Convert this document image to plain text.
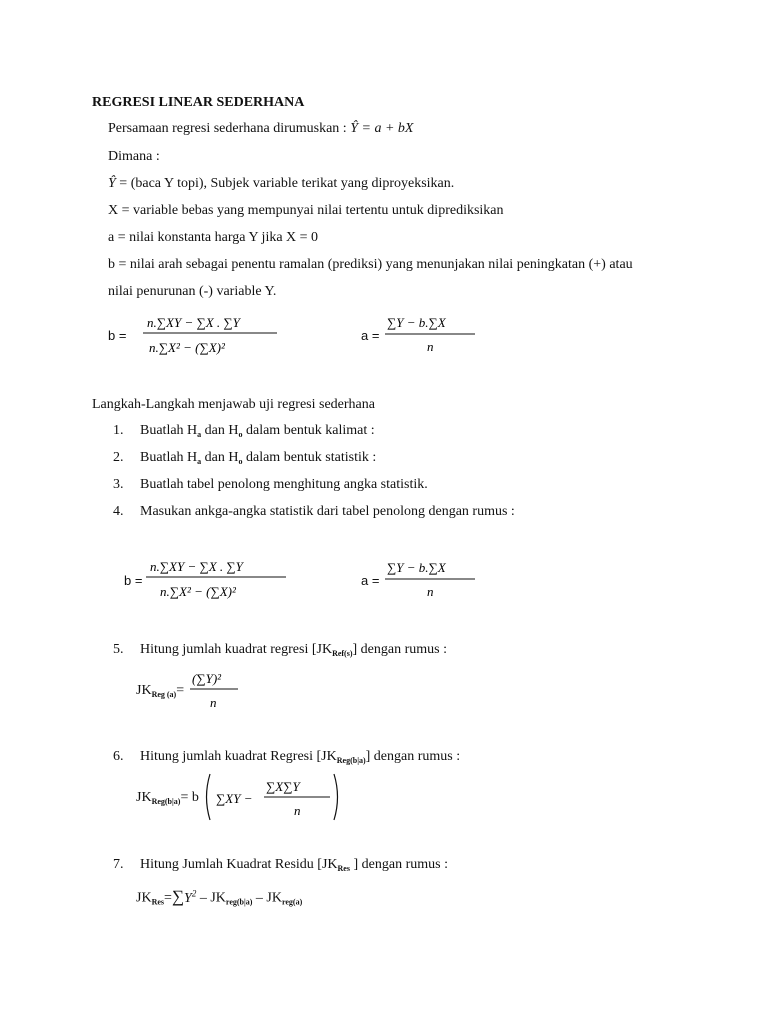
REGRESI LINEAR SEDERHANA
Persamaan regresi sederhana dirumuskan : Ŷ = a + bX
Dimana :
Ŷ = (baca Y topi), Subjek variable terikat yang diproyeksikan.
X = variable bebas yang mempunyai nilai tertentu untuk diprediksikan
a = nilai konstanta harga Y jika X = 0
b = nilai arah sebagai penentu ramalan (prediksi) yang menunjakan nilai peningkatan (+) atau
nilai penurunan (-) variable Y.
b =
n.∑XY − ∑X . ∑Y
n.∑X² − (∑X)²
a =
∑Y − b.∑X
n
Langkah-Langkah menjawab uji regresi sederhana
1. Buatlah $H_a$ dan $H_o$ dalam bentuk kalimat :
2. Buatlah $H_a$ dan $H_o$ dalam bentuk statistik :
3. Buatlah tabel penolong menghitung angka statistik.
4. Masukan ankga-angka statistik dari tabel penolong dengan rumus :
b =
n.∑XY − ∑X . ∑Y
n.∑X² − (∑X)²
a =
∑Y − b.∑X
n
5. Hitung jumlah kuadrat regresi $[JK_{Ref(s)}]$ dengan rumus :
$JK_{Reg (a)}=$
(∑Y)²
n
6. Hitung jumlah kuadrat Regresi $[JK_{Reg(b|a)}]$ dengan rumus :
$JK_{Reg(b|a)}= b$ ∑XY −
∑X∑Y
n
7. Hitung Jumlah Kuadrat Residu [$JK_{Res}$ ] dengan rumus :
$JK_{Res}=\sum Y^2 - JK_{reg(b|a)} - JK_{reg(a)}$
